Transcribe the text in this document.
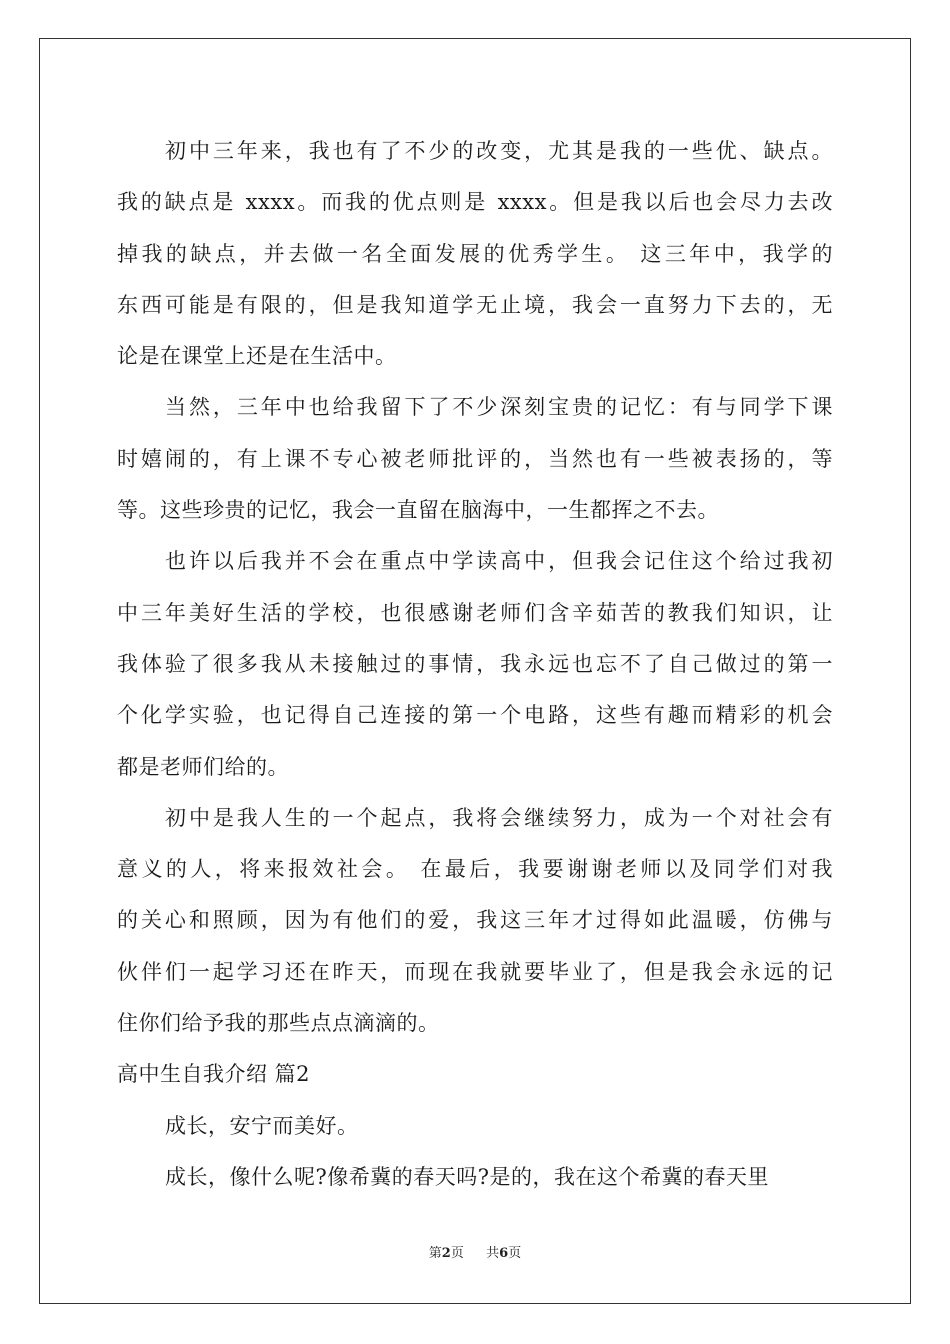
初中三年来，我也有了不少的改变，尤其是我的一些优、缺点。
我的缺点是 xxxx。而我的优点则是 xxxx。但是我以后也会尽力去改
掉我的缺点，并去做一名全面发展的优秀学生。 这三年中，我学的
东西可能是有限的，但是我知道学无止境，我会一直努力下去的，无
论是在课堂上还是在生活中。
当然，三年中也给我留下了不少深刻宝贵的记忆：有与同学下课
时嬉闹的，有上课不专心被老师批评的，当然也有一些被表扬的，等
等。这些珍贵的记忆，我会一直留在脑海中，一生都挥之不去。
也许以后我并不会在重点中学读高中，但我会记住这个给过我初
中三年美好生活的学校，也很感谢老师们含辛茹苦的教我们知识，让
我体验了很多我从未接触过的事情，我永远也忘不了自己做过的第一
个化学实验，也记得自己连接的第一个电路，这些有趣而精彩的机会
都是老师们给的。
初中是我人生的一个起点，我将会继续努力，成为一个对社会有
意义的人，将来报效社会。 在最后，我要谢谢老师以及同学们对我
的关心和照顾，因为有他们的爱，我这三年才过得如此温暖，仿佛与
伙伴们一起学习还在昨天，而现在我就要毕业了，但是我会永远的记
住你们给予我的那些点点滴滴的。
高中生自我介绍 篇2
成长，安宁而美好。
成长，像什么呢?像希冀的春天吗?是的，我在这个希冀的春天里
第2页 共6页
